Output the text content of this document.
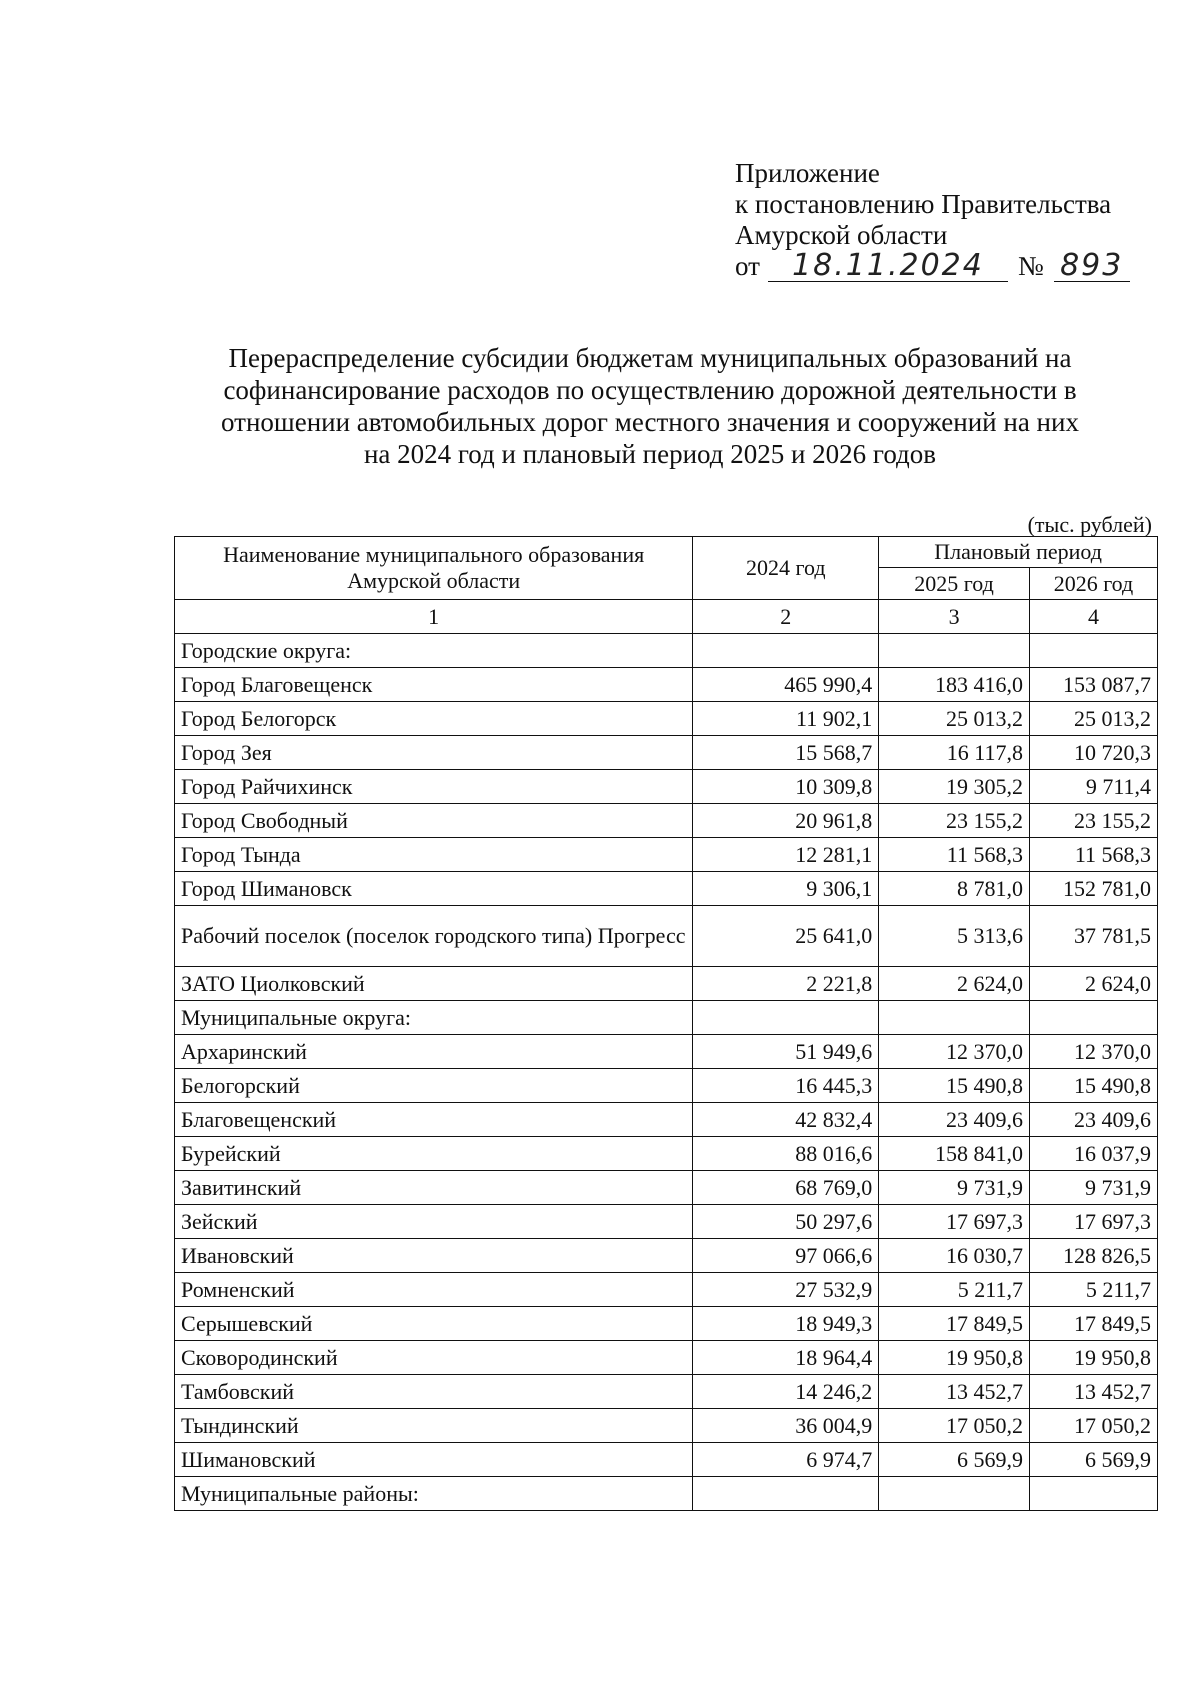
Приложение
к постановлению Правительства
Амурской области
от 18.11.2024 № 893
Перераспределение субсидии бюджетам муниципальных образований на
софинансирование расходов по осуществлению дорожной деятельности в
отношении автомобильных дорог местного значения и сооружений на них
на 2024 год и плановый период 2025 и 2026 годов
(тыс. рублей)
Наименование муниципального образования Амурской области	2024 год	Плановый период	
		2025 год	2026 год
1	2	3	4
Городские округа:			
Город Благовещенск	465 990,4	183 416,0	153 087,7
Город Белогорск	11 902,1	25 013,2	25 013,2
Город Зея	15 568,7	16 117,8	10 720,3
Город Райчихинск	10 309,8	19 305,2	9 711,4
Город Свободный	20 961,8	23 155,2	23 155,2
Город Тында	12 281,1	11 568,3	11 568,3
Город Шимановск	9 306,1	8 781,0	152 781,0
Рабочий поселок (поселок городского типа) Прогресс	25 641,0	5 313,6	37 781,5
ЗАТО Циолковский	2 221,8	2 624,0	2 624,0
Муниципальные округа:			
Архаринский	51 949,6	12 370,0	12 370,0
Белогорский	16 445,3	15 490,8	15 490,8
Благовещенский	42 832,4	23 409,6	23 409,6
Бурейский	88 016,6	158 841,0	16 037,9
Завитинский	68 769,0	9 731,9	9 731,9
Зейский	50 297,6	17 697,3	17 697,3
Ивановский	97 066,6	16 030,7	128 826,5
Ромненский	27 532,9	5 211,7	5 211,7
Серышевский	18 949,3	17 849,5	17 849,5
Сковородинский	18 964,4	19 950,8	19 950,8
Тамбовский	14 246,2	13 452,7	13 452,7
Тындинский	36 004,9	17 050,2	17 050,2
Шимановский	6 974,7	6 569,9	6 569,9
Муниципальные районы:			
